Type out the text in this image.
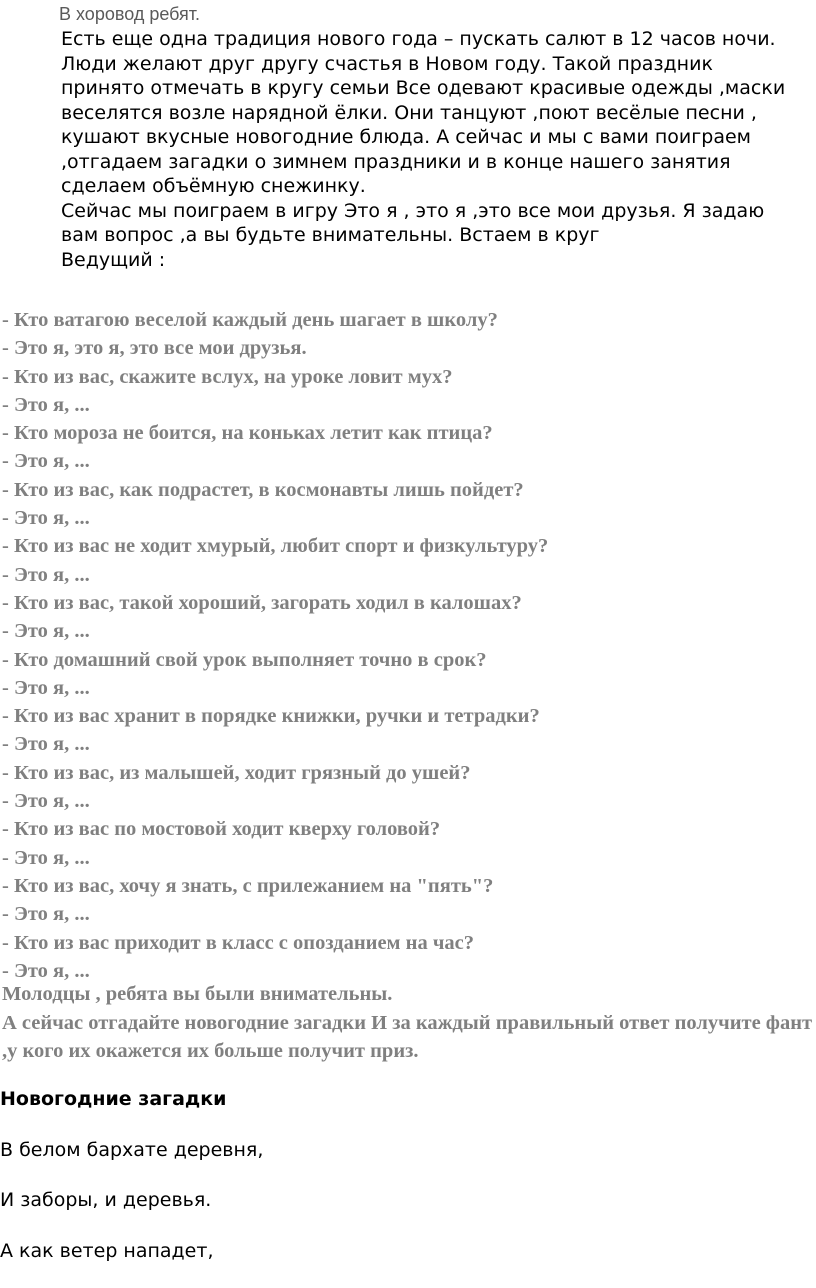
В хоровод ребят.

Есть еще одна традиция нового года – пускать салют в 12 часов ночи. Люди желают друг другу счастья в Новом году. Такой праздник принято отмечать в кругу семьи Все одевают красивые одежды ,маски веселятся возле нарядной ёлки. Они танцуют ,поют весёлые песни , кушают вкусные новогодние блюда. А сейчас и мы с вами поиграем ,отгадаем загадки о зимнем праздники и в конце нашего занятия сделаем объёмную снежинку.

Сейчас мы поиграем в игру Это я , это я ,это все мои друзья. Я задаю вам вопрос ,а вы будьте внимательны. Встаем в круг

Ведущий :

- Кто ватагою веселой каждый день шагает в школу?
- Это я, это я, это все мои друзья.
- Кто из вас, скажите вслух, на уроке ловит мух?
- Это я, ...
- Кто мороза не боится, на коньках летит как птица?
- Это я, ...
- Кто из вас, как подрастет, в космонавты лишь пойдет?
- Это я, ...
- Кто из вас не ходит хмурый, любит спорт и физкультуру?
- Это я, ...
- Кто из вас, такой хороший, загорать ходил в калошах?
- Это я, ...
- Кто домашний свой урок выполняет точно в срок?
- Это я, ...
- Кто из вас хранит в порядке книжки, ручки и тетрадки?
- Это я, ...
- Кто из вас, из малышей, ходит грязный до ушей?
- Это я, ...
- Кто из вас по мостовой ходит кверху головой?
- Это я, ...
- Кто из вас, хочу я знать, с прилежанием на "пять"?
- Это я, ...
- Кто из вас приходит в класс с опозданием на час?
- Это я, ...

Молодцы , ребята вы были внимательны.

А сейчас отгадайте новогодние загадки И за каждый правильный ответ получите фант ,у кого их окажется их больше получит приз.

Новогодние загадки
В белом бархате деревня,
И заборы, и деревья.
А как ветер нападет,
